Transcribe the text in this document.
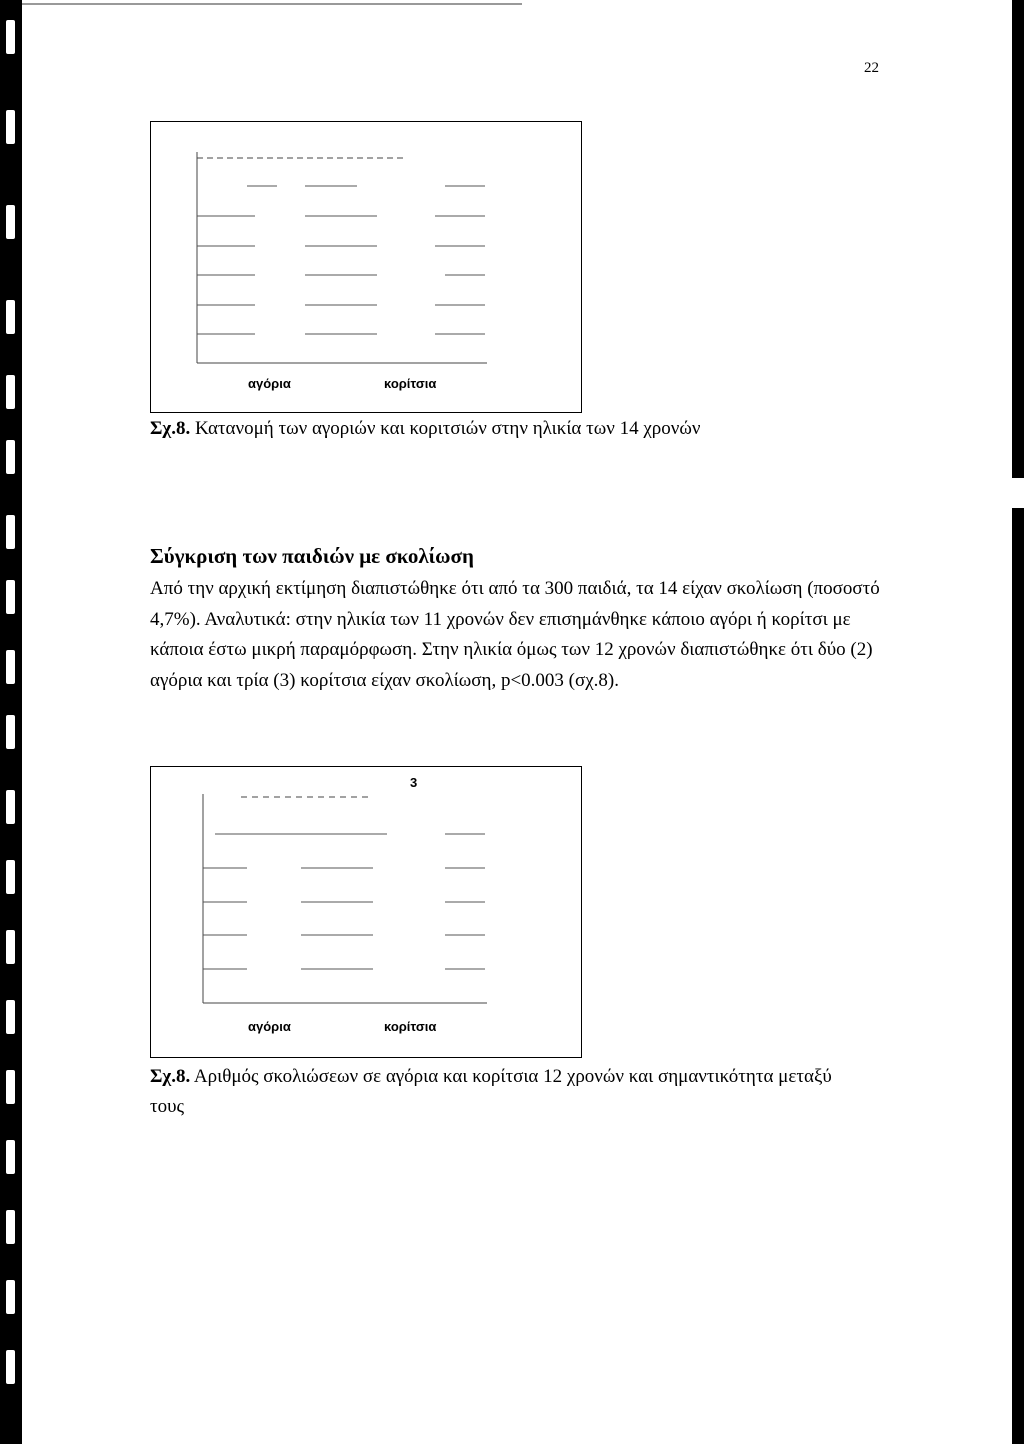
22
αγόρια	κορίτσια
Σχ.8. Κατανομή των αγοριών και κοριτσιών στην ηλικία των 14 χρονών
Σύγκριση των παιδιών με σκολίωση

Από την αρχική εκτίμηση διαπιστώθηκε ότι από τα 300 παιδιά, τα 14 είχαν σκολίωση (ποσοστό 4,7%). Αναλυτικά: στην ηλικία των 11 χρονών δεν επισημάνθηκε κάποιο αγόρι ή κορίτσι με κάποια έστω μικρή παραμόρφωση. Στην ηλικία όμως των 12 χρονών διαπιστώθηκε ότι δύο (2) αγόρια και τρία (3) κορίτσια είχαν σκολίωση, p<0.003 (σχ.8).

3
αγόρια	κορίτσια
Σχ.8. Αριθμός σκολιώσεων σε αγόρια και κορίτσια 12 χρονών και σημαντικότητα μεταξύ τους
